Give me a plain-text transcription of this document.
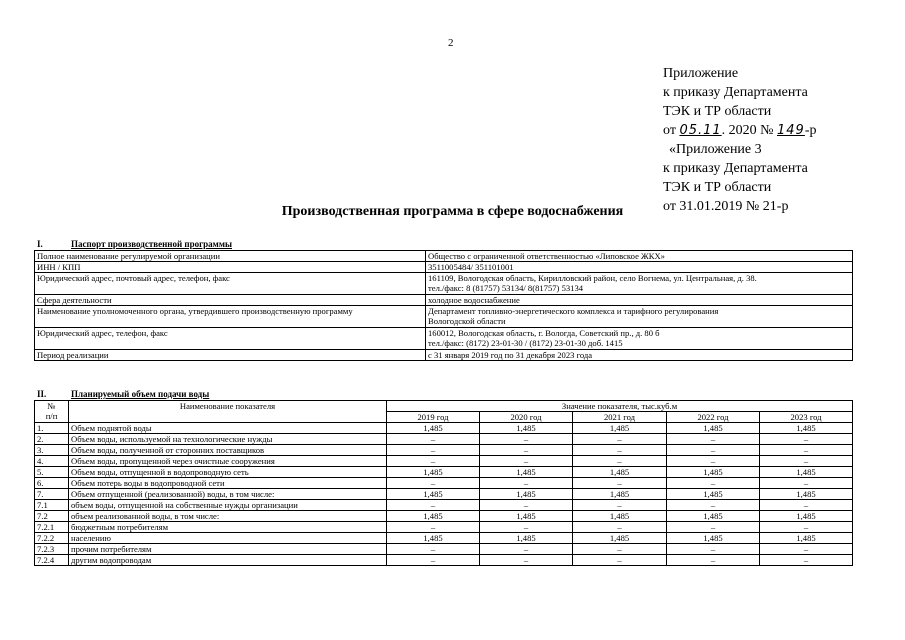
2
Приложение
к приказу Департамента
ТЭК и ТР области
от 05.11. 2020 № 149-р
«Приложение 3
к приказу Департамента
ТЭК и ТР области
от 31.01.2019 № 21-р
Производственная программа в сфере водоснабжения
I.	Паспорт производственной программы
Полное наименование регулируемой организации	Общество с ограниченной ответственностью «Липовское ЖКХ»

ИНН / КПП	3511005484/ 351101001

Юридический адрес, почтовый адрес, телефон, факс	161109, Вологодская область, Кирилловский район, село Вогнема, ул. Центральная, д. 38.
тел./факс: 8 (81757) 53134/ 8(81757) 53134

Сфера деятельности	холодное водоснабжение

Наименование уполномоченного органа, утвердившего производственную программу	Департамент топливно-энергетического комплекса и тарифного регулирования
Вологодской области

Юридический адрес, телефон, факс	160012, Вологодская область, г. Вологда, Советский пр., д. 80 б
тел./факс: (8172) 23-01-30 / (8172) 23-01-30 доб. 1415

Период реализации	с 31 января 2019 год по 31 декабря 2023 года
II.	Планируемый объем подачи воды
№
п/п	Наименование показателя	Значение показателя, тыс.куб.м				
		2019 год	2020 год	2021 год	2022 год	2023 год
1.	Объем поднятой воды	1,485	1,485	1,485	1,485	1,485
2.	Объем воды, используемой на технологические нужды	–	–	–	–	–
3.	Объем воды, полученной от сторонних поставщиков	–	–	–	–	–
4.	Объем воды, пропущенной через очистные сооружения	–	–	–	–	–
5.	Объем воды, отпущенной в водопроводную сеть	1,485	1,485	1,485	1,485	1,485
6.	Объем потерь воды в водопроводной сети	–	–	–	–	–
7.	Объем отпущенной (реализованной) воды, в том числе:	1,485	1,485	1,485	1,485	1,485
7.1	объем воды, отпущенной на собственные нужды организации	–	–	–	–	–
7.2	объем реализованной воды, в том числе:	1,485	1,485	1,485	1,485	1,485
7.2.1	бюджетным потребителям	–	–	–	–	–
7.2.2	населению	1,485	1,485	1,485	1,485	1,485
7.2.3	прочим потребителям	–	–	–	–	–
7.2.4	другим водопроводам	–	–	–	–	–
